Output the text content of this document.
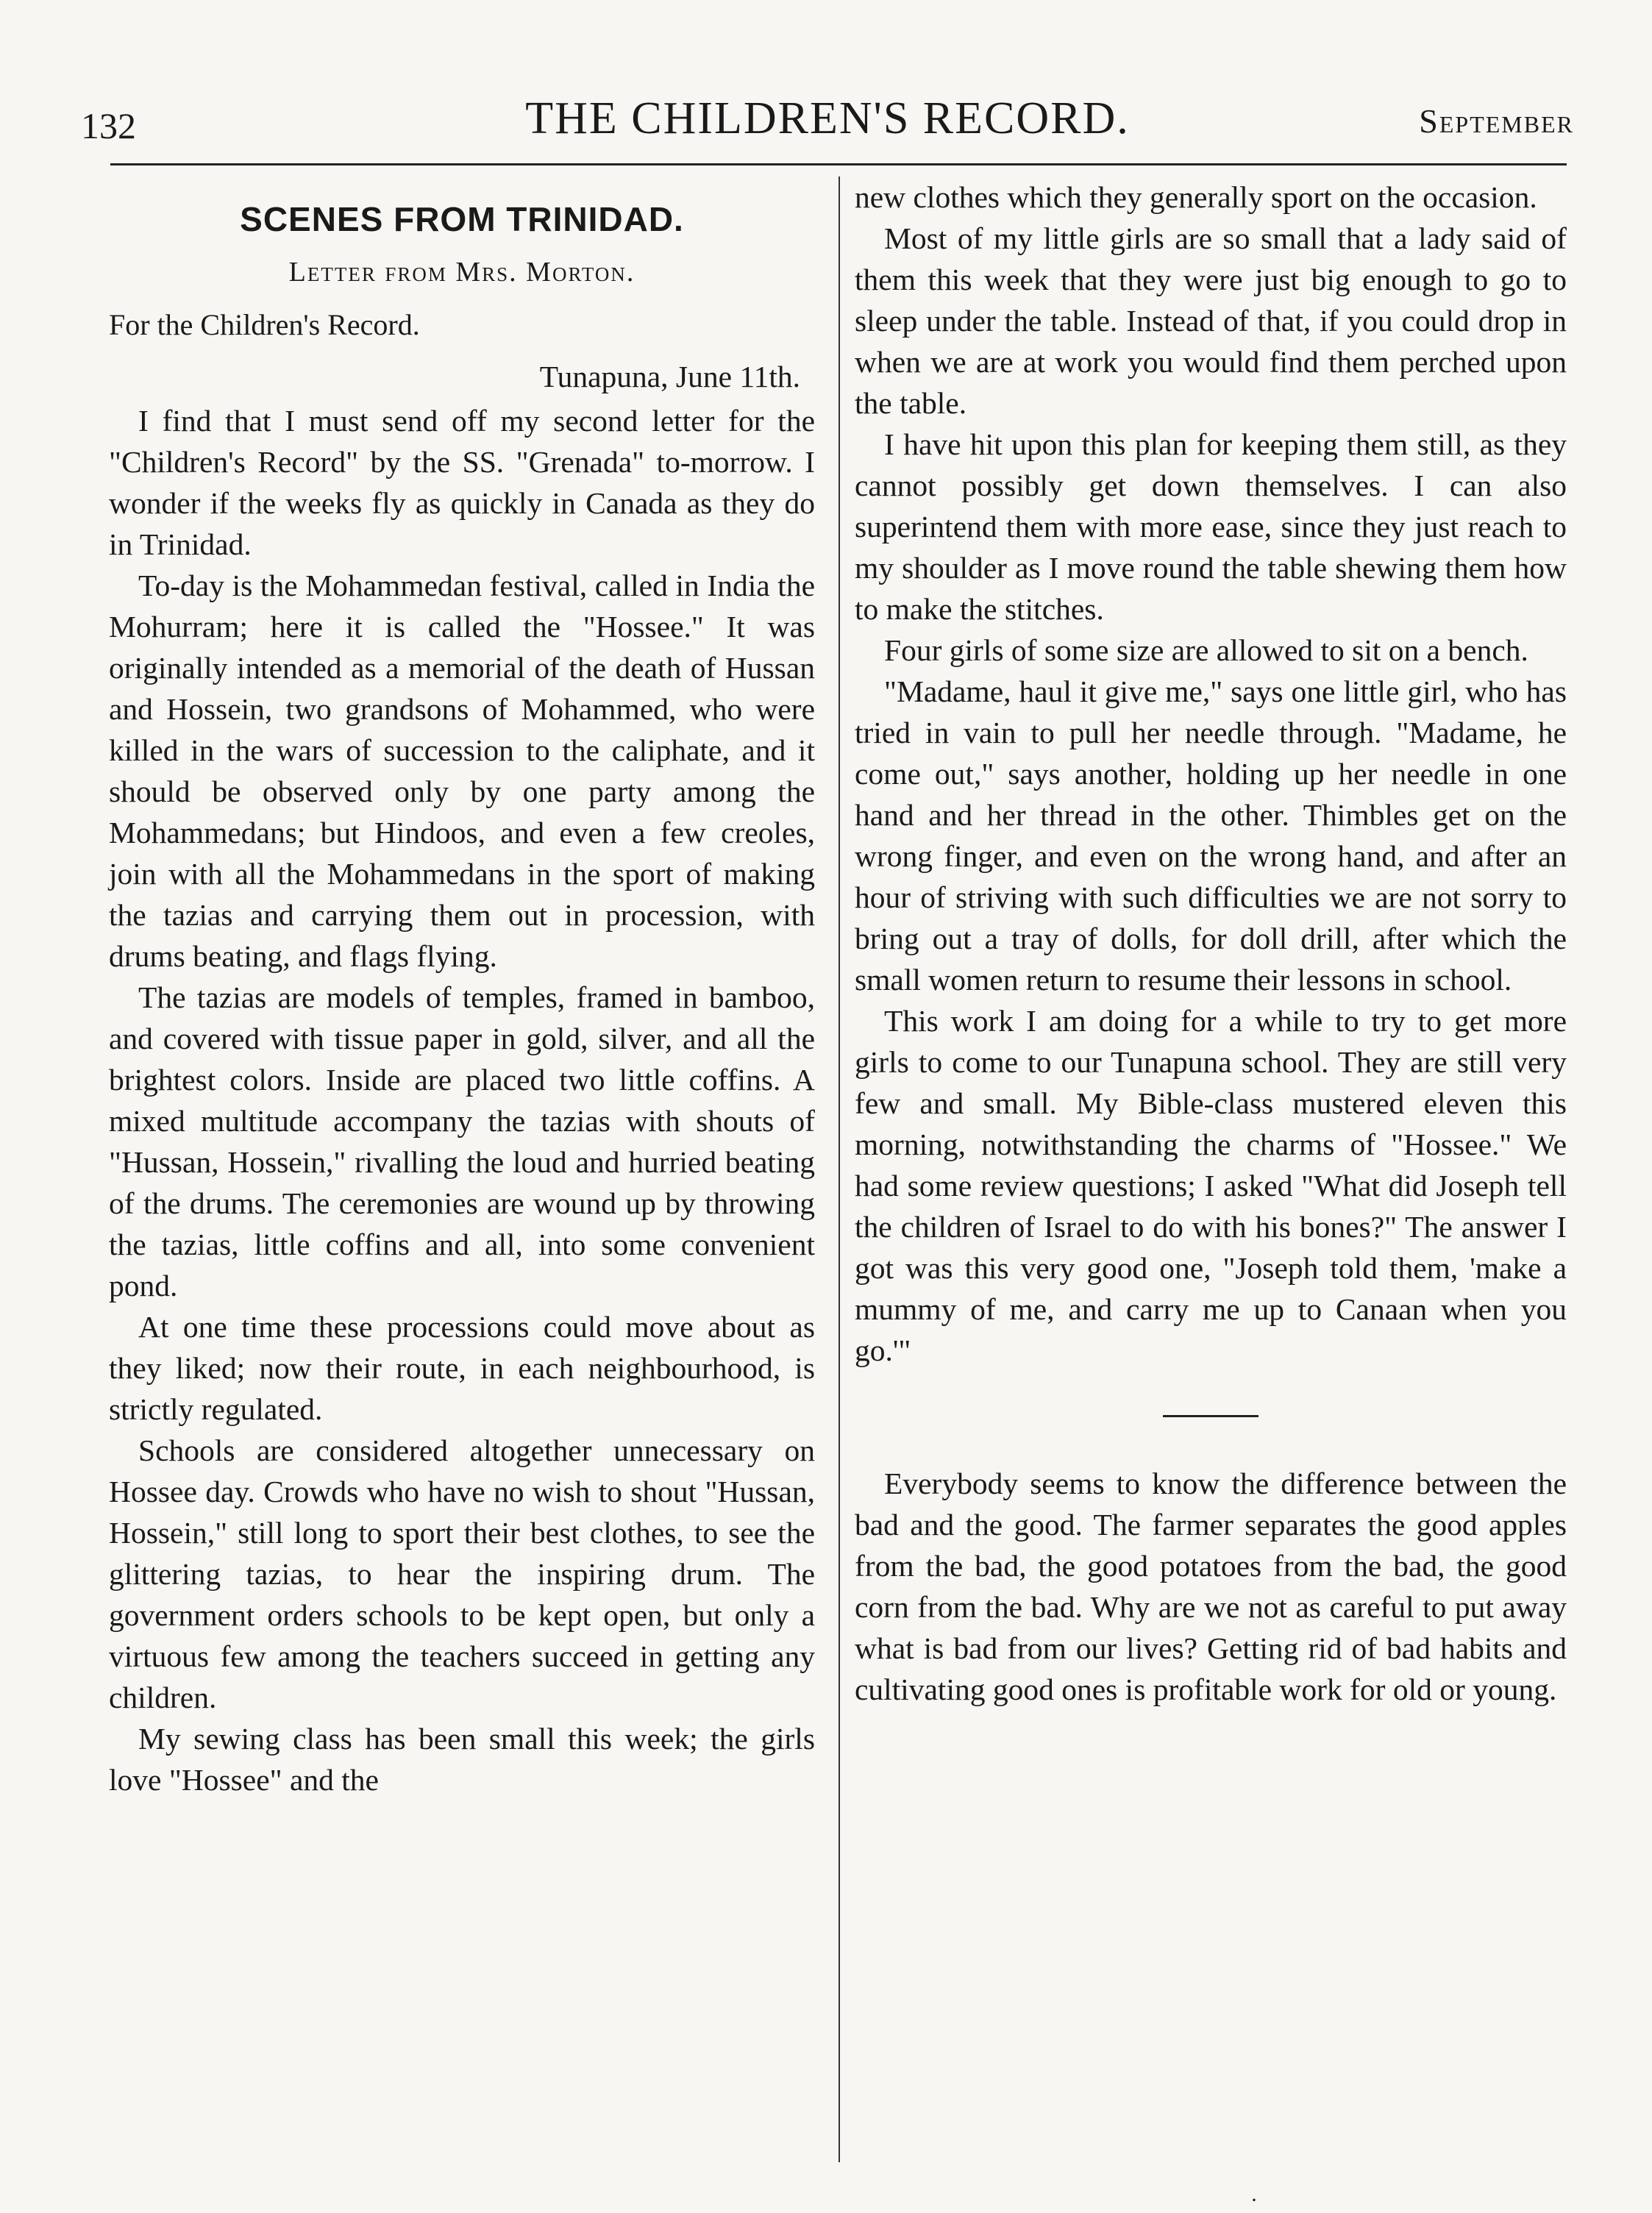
132	THE CHILDREN'S RECORD.	September
SCENES FROM TRINIDAD.
Letter from Mrs. Morton.
For the Children's Record.
Tunapuna, June 11th.

I find that I must send off my second letter for the "Children's Record" by the SS. "Grenada" to-morrow. I wonder if the weeks fly as quickly in Canada as they do in Trinidad.

To-day is the Mohammedan festival, called in India the Mohurram; here it is called the "Hossee." It was originally intended as a memorial of the death of Hussan and Hossein, two grandsons of Mohammed, who were killed in the wars of succession to the caliphate, and it should be observed only by one party among the Mohammedans; but Hindoos, and even a few creoles, join with all the Mohammedans in the sport of making the tazias and carrying them out in procession, with drums beating, and flags flying.

The tazias are models of temples, framed in bamboo, and covered with tissue paper in gold, silver, and all the brightest colors. Inside are placed two little coffins. A mixed multitude accompany the tazias with shouts of "Hussan, Hossein," rivalling the loud and hurried beating of the drums. The ceremonies are wound up by throwing the tazias, little coffins and all, into some convenient pond.

At one time these processions could move about as they liked; now their route, in each neighbourhood, is strictly regulated.

Schools are considered altogether unnecessary on Hossee day. Crowds who have no wish to shout "Hussan, Hossein," still long to sport their best clothes, to see the glittering tazias, to hear the inspiring drum. The government orders schools to be kept open, but only a virtuous few among the teachers succeed in getting any children.

My sewing class has been small this week; the girls love "Hossee" and the

new clothes which they generally sport on the occasion.

Most of my little girls are so small that a lady said of them this week that they were just big enough to go to sleep under the table. Instead of that, if you could drop in when we are at work you would find them perched upon the table.

I have hit upon this plan for keeping them still, as they cannot possibly get down themselves. I can also superintend them with more ease, since they just reach to my shoulder as I move round the table shewing them how to make the stitches.

Four girls of some size are allowed to sit on a bench.

"Madame, haul it give me," says one little girl, who has tried in vain to pull her needle through. "Madame, he come out," says another, holding up her needle in one hand and her thread in the other. Thimbles get on the wrong finger, and even on the wrong hand, and after an hour of striving with such difficulties we are not sorry to bring out a tray of dolls, for doll drill, after which the small women return to resume their lessons in school.

This work I am doing for a while to try to get more girls to come to our Tunapuna school. They are still very few and small. My Bible-class mustered eleven this morning, notwithstanding the charms of "Hossee." We had some review questions; I asked "What did Joseph tell the children of Israel to do with his bones?" The answer I got was this very good one, "Joseph told them, 'make a mummy of me, and carry me up to Canaan when you go.'"

Everybody seems to know the difference between the bad and the good. The farmer separates the good apples from the bad, the good potatoes from the bad, the good corn from the bad. Why are we not as careful to put away what is bad from our lives? Getting rid of bad habits and cultivating good ones is profitable work for old or young.

·
